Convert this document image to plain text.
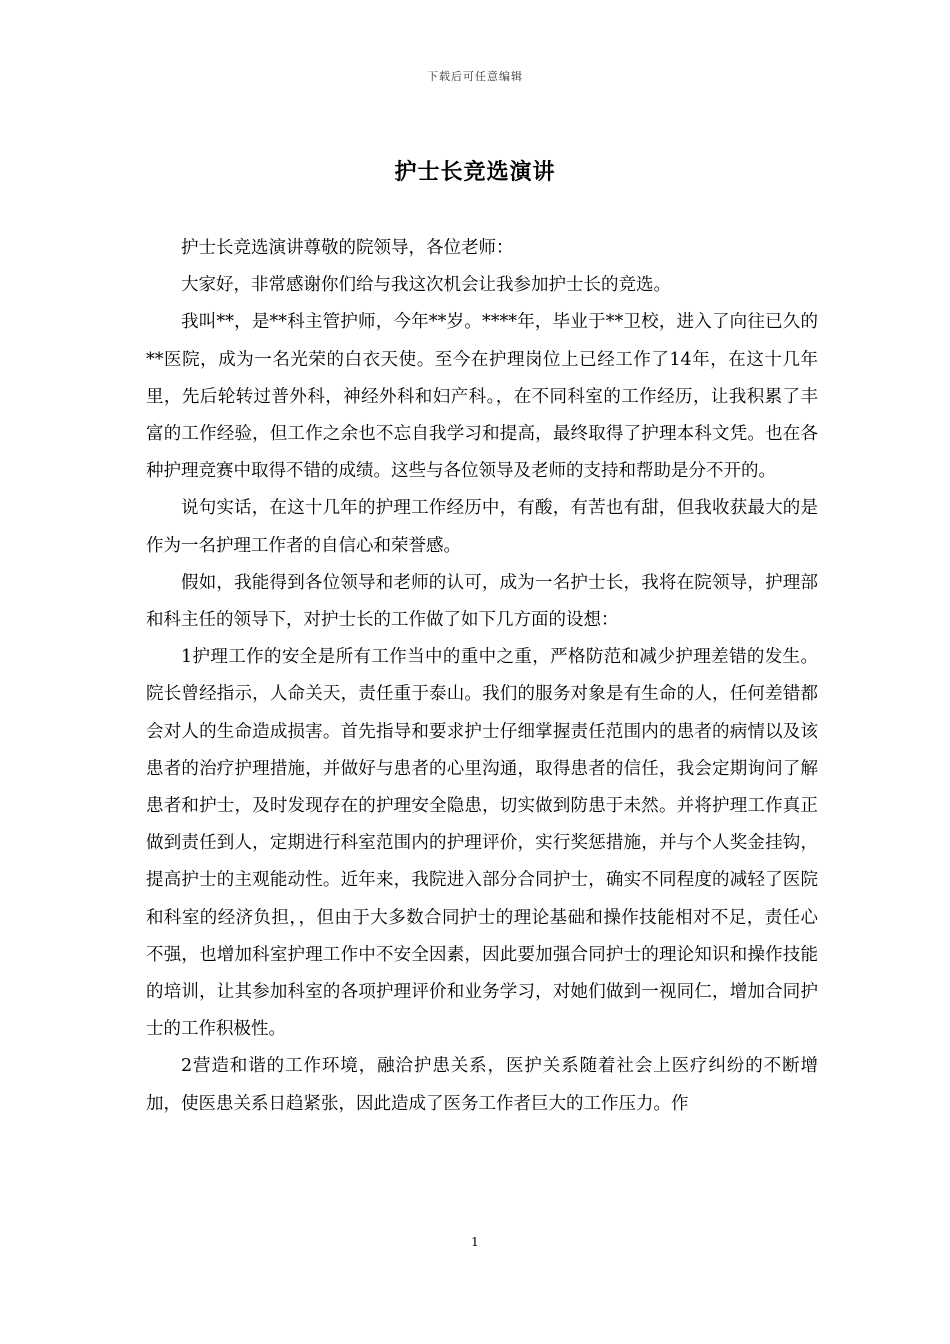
下载后可任意编辑
护士长竞选演讲

护士长竞选演讲尊敬的院领导，各位老师：

大家好，非常感谢你们给与我这次机会让我参加护士长的竞选。

我叫**，是**科主管护师，今年**岁。****年，毕业于**卫校，进入了向往已久的**医院，成为一名光荣的白衣天使。至今在护理岗位上已经工作了14年，在这十几年里，先后轮转过普外科，神经外科和妇产科。，在不同科室的工作经历，让我积累了丰富的工作经验，但工作之余也不忘自我学习和提高，最终取得了护理本科文凭。也在各种护理竞赛中取得不错的成绩。这些与各位领导及老师的支持和帮助是分不开的。

说句实话，在这十几年的护理工作经历中，有酸，有苦也有甜，但我收获最大的是作为一名护理工作者的自信心和荣誉感。

假如，我能得到各位领导和老师的认可，成为一名护士长，我将在院领导，护理部和科主任的领导下，对护士长的工作做了如下几方面的设想：

1护理工作的安全是所有工作当中的重中之重，严格防范和减少护理差错的发生。院长曾经指示，人命关天，责任重于泰山。我们的服务对象是有生命的人，任何差错都会对人的生命造成损害。首先指导和要求护士仔细掌握责任范围内的患者的病情以及该患者的治疗护理措施，并做好与患者的心里沟通，取得患者的信任，我会定期询问了解患者和护士，及时发现存在的护理安全隐患，切实做到防患于未然。并将护理工作真正做到责任到人，定期进行科室范围内的护理评价，实行奖惩措施，并与个人奖金挂钩，提高护士的主观能动性。近年来，我院进入部分合同护士，确实不同程度的减轻了医院和科室的经济负担，，但由于大多数合同护士的理论基础和操作技能相对不足，责任心不强，也增加科室护理工作中不安全因素，因此要加强合同护士的理论知识和操作技能的培训，让其参加科室的各项护理评价和业务学习，对她们做到一视同仁，增加合同护士的工作积极性。

2营造和谐的工作环境，融洽护患关系，医护关系随着社会上医疗纠纷的不断增加，使医患关系日趋紧张，因此造成了医务工作者巨大的工作压力。作

1
